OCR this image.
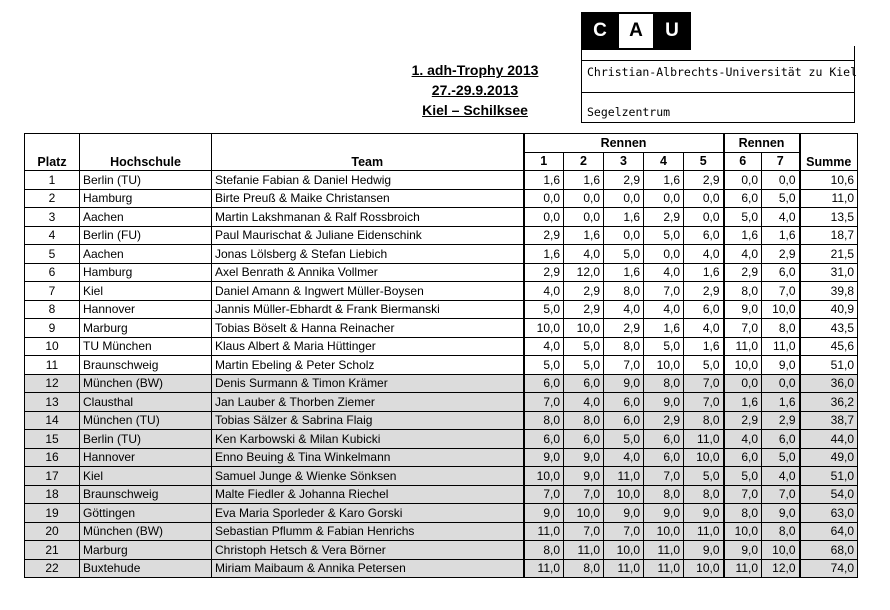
1. adh-Trophy 2013
27.-29.9.2013
Kiel – Schilksee
C	A	U
Christian-Albrechts-Universität zu Kiel
Segelzentrum
Platz	Hochschule	Team	Rennen					Rennen		Summe
			1	2	3	4	5	6	7	
1	Berlin (TU)	Stefanie Fabian & Daniel Hedwig	1,6	1,6	2,9	1,6	2,9	0,0	0,0	10,6
2	Hamburg	Birte Preuß & Maike Christansen	0,0	0,0	0,0	0,0	0,0	6,0	5,0	11,0
3	Aachen	Martin Lakshmanan & Ralf Rossbroich	0,0	0,0	1,6	2,9	0,0	5,0	4,0	13,5
4	Berlin (FU)	Paul Maurischat & Juliane Eidenschink	2,9	1,6	0,0	5,0	6,0	1,6	1,6	18,7
5	Aachen	Jonas Lölsberg & Stefan Liebich	1,6	4,0	5,0	0,0	4,0	4,0	2,9	21,5
6	Hamburg	Axel Benrath & Annika Vollmer	2,9	12,0	1,6	4,0	1,6	2,9	6,0	31,0
7	Kiel	Daniel Amann & Ingwert Müller-Boysen	4,0	2,9	8,0	7,0	2,9	8,0	7,0	39,8
8	Hannover	Jannis Müller-Ebhardt & Frank Biermanski	5,0	2,9	4,0	4,0	6,0	9,0	10,0	40,9
9	Marburg	Tobias Böselt & Hanna Reinacher	10,0	10,0	2,9	1,6	4,0	7,0	8,0	43,5
10	TU München	Klaus Albert & Maria Hüttinger	4,0	5,0	8,0	5,0	1,6	11,0	11,0	45,6
11	Braunschweig	Martin Ebeling & Peter Scholz	5,0	5,0	7,0	10,0	5,0	10,0	9,0	51,0
12	München (BW)	Denis Surmann & Timon Krämer	6,0	6,0	9,0	8,0	7,0	0,0	0,0	36,0
13	Clausthal	Jan Lauber & Thorben Ziemer	7,0	4,0	6,0	9,0	7,0	1,6	1,6	36,2
14	München (TU)	Tobias Sälzer & Sabrina Flaig	8,0	8,0	6,0	2,9	8,0	2,9	2,9	38,7
15	Berlin (TU)	Ken Karbowski & Milan Kubicki	6,0	6,0	5,0	6,0	11,0	4,0	6,0	44,0
16	Hannover	Enno Beuing & Tina Winkelmann	9,0	9,0	4,0	6,0	10,0	6,0	5,0	49,0
17	Kiel	Samuel Junge & Wienke Sönksen	10,0	9,0	11,0	7,0	5,0	5,0	4,0	51,0
18	Braunschweig	Malte Fiedler & Johanna Riechel	7,0	7,0	10,0	8,0	8,0	7,0	7,0	54,0
19	Göttingen	Eva Maria Sporleder & Karo Gorski	9,0	10,0	9,0	9,0	9,0	8,0	9,0	63,0
20	München (BW)	Sebastian Pflumm & Fabian Henrichs	11,0	7,0	7,0	10,0	11,0	10,0	8,0	64,0
21	Marburg	Christoph Hetsch & Vera Börner	8,0	11,0	10,0	11,0	9,0	9,0	10,0	68,0
22	Buxtehude	Miriam Maibaum & Annika Petersen	11,0	8,0	11,0	11,0	10,0	11,0	12,0	74,0
